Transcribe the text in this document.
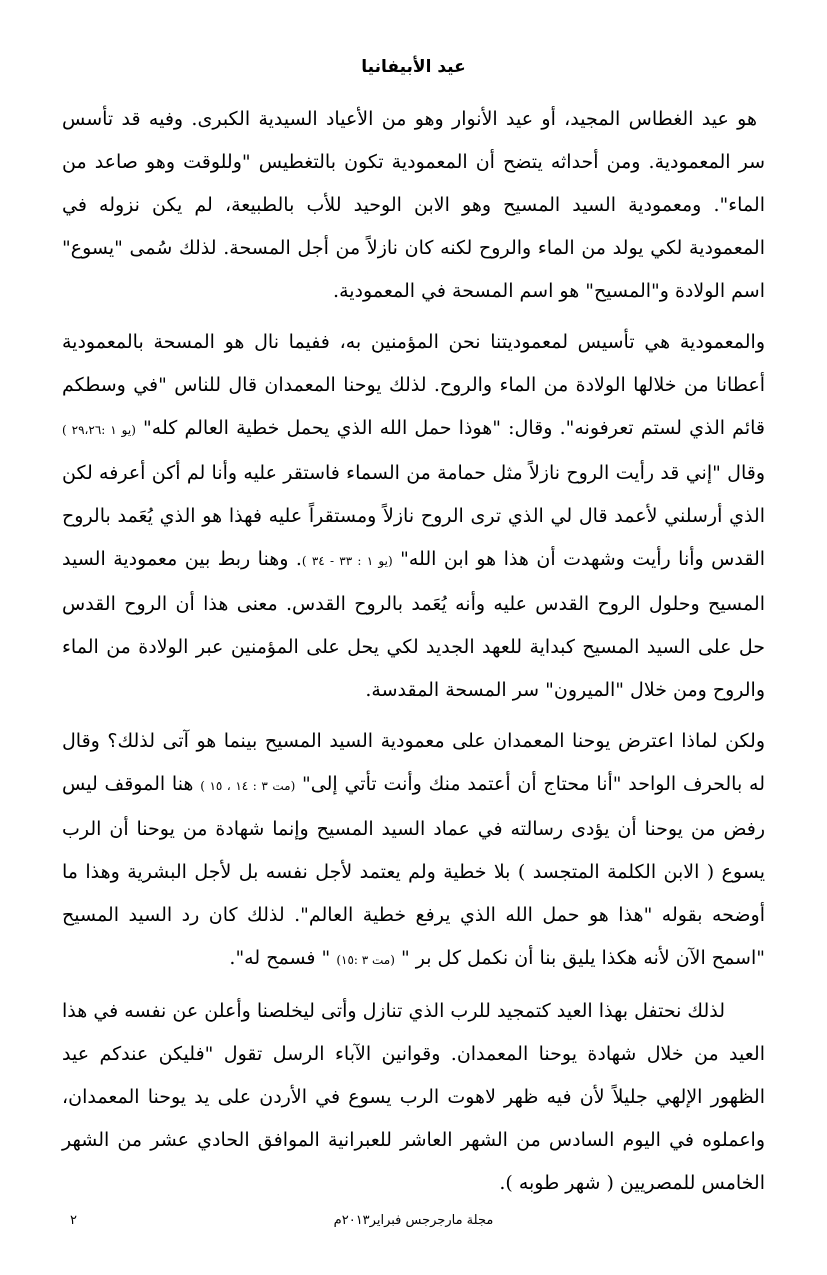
عيد الأبيفانيا

هو عيد الغطاس المجيد، أو عيد الأنوار وهو من الأعياد السيدية الكبرى. وفيه قد تأسس سر المعمودية. ومن أحداثه يتضح أن المعمودية تكون بالتغطيس "وللوقت وهو صاعد من الماء". ومعمودية السيد المسيح وهو الابن الوحيد للأب بالطبيعة، لم يكن نزوله في المعمودية لكي يولد من الماء والروح لكنه كان نازلاً من أجل المسحة. لذلك سُمى "يسوع" اسم الولادة و"المسيح" هو اسم المسحة في المعمودية.

والمعمودية هي تأسيس لمعموديتنا نحن المؤمنين به، ففيما نال هو المسحة بالمعمودية أعطانا من خلالها الولادة من الماء والروح. لذلك يوحنا المعمدان قال للناس "في وسطكم قائم الذي لستم تعرفونه". وقال: "هوذا حمل الله الذي يحمل خطية العالم كله" (يو ١ :٢٩،٢٦ ) وقال "إني قد رأيت الروح نازلاً مثل حمامة من السماء فاستقر عليه وأنا لم أكن أعرفه لكن الذي أرسلني لأعمد قال لي الذي ترى الروح نازلاً ومستقراً عليه فهذا هو الذي يُعَمد بالروح القدس وأنا رأيت وشهدت أن هذا هو ابن الله" (يو ١ : ٣٣ - ٣٤ ). وهنا ربط بين معمودية السيد المسيح وحلول الروح القدس عليه وأنه يُعَمد بالروح القدس. معنى هذا أن الروح القدس حل على السيد المسيح كبداية للعهد الجديد لكي يحل على المؤمنين عبر الولادة من الماء والروح ومن خلال "الميرون" سر المسحة المقدسة.

ولكن لماذا اعترض يوحنا المعمدان على معمودية السيد المسيح بينما هو آتى لذلك؟ وقال له بالحرف الواحد "أنا محتاج أن أعتمد منك وأنت تأتي إلى" (مت ٣ : ١٤ ، ١٥ ) هنا الموقف ليس رفض من يوحنا أن يؤدى رسالته في عماد السيد المسيح وإنما شهادة من يوحنا أن الرب يسوع ( الابن الكلمة المتجسد ) بلا خطية ولم يعتمد لأجل نفسه بل لأجل البشرية وهذا ما أوضحه بقوله "هذا هو حمل الله الذي يرفع خطية العالم". لذلك كان رد السيد المسيح "اسمح الآن لأنه هكذا يليق بنا أن نكمل كل بر " (مت ٣ :١٥) " فسمح له".

لذلك نحتفل بهذا العيد كتمجيد للرب الذي تنازل وأتى ليخلصنا وأعلن عن نفسه في هذا العيد من خلال شهادة يوحنا المعمدان. وقوانين الآباء الرسل تقول "فليكن عندكم عيد الظهور الإلهي جليلاً لأن فيه ظهر لاهوت الرب يسوع في الأردن على يد يوحنا المعمدان، واعملوه في اليوم السادس من الشهر العاشر للعبرانية الموافق الحادي عشر من الشهر الخامس للمصريين ( شهر طوبه ).

مجلة مارجرجس فبراير٢٠١٣م
٢
